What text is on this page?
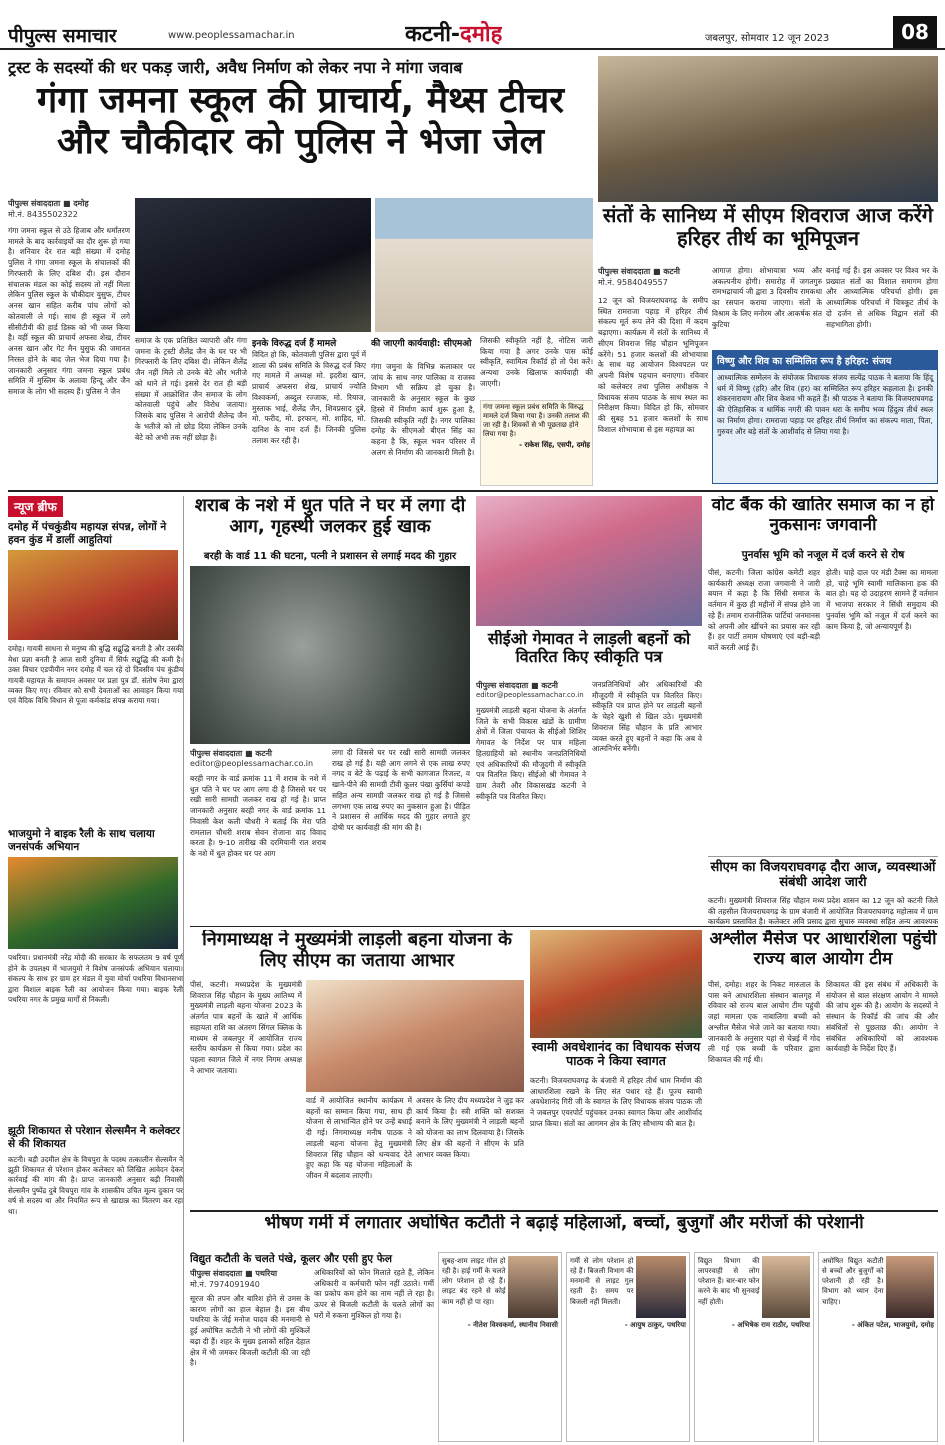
पीपुल्स समाचार	www.peoplessamachar.in	कटनी-दमोह	जबलपुर, सोमवार 12 जून 2023	08
ट्रस्ट के सदस्यों की धर पकड़ जारी, अवैध निर्माण को लेकर नपा ने मांगा जवाब
गंगा जमना स्कूल की प्राचार्य, मैथ्स टीचर और चौकीदार को पुलिस ने भेजा जेल
पीपुल्स संवाददाता ■ दमोह
मो.नं. 8435502322
गंगा जमना स्कूल से उठे हिजाब और धर्मांतरण मामले के बाद कार्रवाइयों का दौर शुरू हो गया है। शनिवार देर रात बड़ी संख्या में दमोह पुलिस ने गंगा जमना स्कूल के संचालकों की गिरफ्तारी के लिए दबिश दी। इस दौरान संचालक मंडल का कोई सदस्य तो नहीं मिला लेकिन पुलिस स्कूल के चौकीदार युसुफ, टीचर अनस खान सहित करीब पांच लोगों को कोतवाली ले गई। साथ ही स्कूल में लगे सीसीटीवी की हार्ड डिस्क को भी जब्त किया है। वहीं स्कूल की प्राचार्य अफसा शेख, टीचर अनस खान और गेट मैन युसुफ की जमानत निरस्त होने के बाद जेल भेज दिया गया है। जानकारी अनुसार गंगा जमना स्कूल प्रबंध समिति में मुस्लिम के अलावा हिन्दू और जैन समाज के लोग भी सदस्य हैं। पुलिस ने जैन
समाज के एक प्रतिष्ठित व्यापारी और गंगा जमना के ट्रस्टी शैलेंद्र जैन के घर पर भी गिरफ्तारी के लिए दबिश दी। लेकिन शैलेंद्र जैन नहीं मिले तो उनके बेटे और भतीजे को थाने ले गई। इससे देर रात ही बड़ी संख्या में आक्रोशित जैन समाज के लोग कोतवाली पहुंचे और विरोध जताया। जिसके बाद पुलिस ने आरोपी शैलेन्द्र जैन के भतीजे को तो छोड़ दिया लेकिन उनके बेटे को अभी तक नहीं छोड़ा है।
इनके विरुद्ध दर्ज हैं मामले
विदित हो कि, कोतवाली पुलिस द्वारा पूर्व में शाला की प्रबंध समिति के विरुद्ध दर्ज किए गए मामले में अध्यक्ष मो. इदरीश खान, प्राचार्य अफसरा शेख, प्राचार्य ज्योति विश्वकर्मा, अब्दुल रज्जाक, मो. रियाज, मुस्ताक भाई, शैलेंद्र जैन, शिवप्रसाद दुबे, मो. फरीद, मो. इरफान, मो. शाहिद, मो. दानिश के नाम दर्ज हैं। जिनकी पुलिस तलाश कर रही है।
की जाएगी कार्यवाही: सीएमओ
गंगा जमुना के विभिन्न कलाकार पर जांच के साथ नगर पालिका व राजस्व विभाग भी सक्रिय हो चुका है। जानकारी के अनुसार स्कूल के कुछ हिस्से में निर्माण कार्य शुरू हुआ है, जिसकी स्वीकृति नहीं है। नगर पालिका दमोह के सीएमओ बीएल सिंह का कहना है कि, स्कूल भवन परिसर में अलग से निर्माण की जानकारी मिली है।
जिसकी स्वीकृति नहीं है, नोटिस जारी किया गया है अगर उनके पास कोई स्वीकृति, स्वामित्व रिकॉर्ड हो तो पेश करें। अन्यथा उनके खिलाफ कार्यवाही की जाएगी।
गंगा जमना स्कूल प्रबंध समिति के विरुद्ध मामले दर्ज किया गया है। उनकी तलाश की जा रही है। शिवकों से भी पूछताछ होने लिया गया है।
- राकेश सिंह, एसपी, दमोह
संतों के सानिध्य में सीएम शिवराज आज करेंगे हरिहर तीर्थ का भूमिपूजन
पीपुल्स संवाददाता ■ कटनी
मो.नं. 9584049557
12 जून को विजयराघवगढ़ के समीप स्थित रामराजा पहाड़ में हरिहर तीर्थ संकल्प मूर्त रूप लेने की दिशा में कदम बढ़ाएगा। कार्यक्रम में संतों के सानिध्य में सीएम शिवराज सिंह चौहान भूमिपूजन करेंगे। 51 हजार कलशों की शोभायात्रा के साथ यह आयोजन विश्वपटल पर अपनी विशेष पहचान बनाएगा। रविवार को कलेक्टर तथा पुलिस अधीक्षक ने विधायक संजय पाठक के साथ स्थल का निरीक्षण किया। विदित हो कि, सोमवार की सुबह 51 हजार कलशों के साथ विशाल शोभायात्रा से इस महायज्ञ का
आगाज होगा। शोभायात्रा भव्य और अकल्पनीय होगी। समारोह में जगतगुरु रामभद्राचार्य जी द्वारा 3 दिवसीय रामकथा का रसपान कराया जाएगा। संतों के विश्राम के लिए मनोरम और आकर्षक संत कुटिया
बनाई गई हैं। इस अवसर पर विश्व भर के प्रख्यात संतों का विशाल समागम होगा और आध्यात्मिक परिचर्चा होगी। इस आध्यात्मिक परिचर्चा में चित्रकूट तीर्थ के दो दर्जन से अधिक विद्वान संतों की सहभागिता होगी।
विष्णु और शिव का सम्मिलित रूप है हरिहर: संजय
आध्यात्मिक सम्मेलन के संयोजक विधायक संजय सत्येंद्र पाठक ने बताया कि हिंदू धर्म में विष्णु (हरि) और शिव (हर) का सम्मिलित रूप हरिहर कहलाता है। इनकी शंकरनारायण और शिव केशव भी कहते हैं। श्री पाठक ने बताया कि विजयराघवगढ़ की ऐतिहासिक व धार्मिक नगरी की पावन धरा के समीप भव्य हिंदुत्व तीर्थ स्थल का निर्माण होगा। रामराजा पहाड़ पर हरिहर तीर्थ निर्माण का संकल्प माता, पिता, गुरुवर और बड़े संतों के आशीर्वाद से लिया गया है।
न्यूज ब्रीफ
दमोह में पंचकुंडीय महायज्ञ संपन्न, लोगों ने हवन कुंड में डालीं आहुतियां
दमोह। गायत्री साधना से मनुष्य की बुद्धि सद्बुद्धि बनती है और उसकी मेधा प्रज्ञा बनती है आज सारी दुनिया में सिर्फ सद्बुद्धि की कमी है। उक्त विचार एडपीयीन नगर दमोह में चल रहे दो दिवसीय पंच कुंडीय गायत्री महायज्ञ के समापन अवसर पर प्रज्ञा पुत्र डॉ. संतोष नेमा द्वारा व्यक्त किए गए। रविवार को सभी देवताओं का आवाहन किया गया एवं वैदिक विधि विधान से पूजा कर्मकांड संपन्न कराया गया।
भाजयुमो ने बाइक रैली के साथ चलाया जनसंपर्क अभियान
पथरिया। प्रधानमंत्री नरेंद्र मोदी की सरकार के सफलतम 9 वर्ष पूर्ण होने के उपलक्ष्य में भाजयुमो ने विशेष जनसंपर्क अभियान चलाया। संकल्प के साथ हर ग्राम हर मंडल में युवा मोर्चा पथरिया विधानसभा द्वारा विशाल बाइक रैली का आयोजन किया गया। बाइक रैली पथरिया नगर के प्रमुख मार्गों से निकली।
झूठी शिकायत से परेशान सेल्समैन ने कलेक्टर से की शिकायत
कटनी। बड़ी उदमील क्षेत्र के विचपुरा के पदस्थ तत्कालीन सेल्समैन ने झूठी शिकायत से परेशान होकर कलेक्टर को लिखित आवेदन देकर कार्रवाई की मांग की है। प्राप्त जानकारी अनुसार बढ़ी निवासी सेल्समैन पुष्पेंद्र दुबे विचपुरा गांव के शासकीय उचित मूल्य दुकान पर वर्ष से सदस्य था और नियमित रूप से खाद्यान्न का वितरण कर रहा था।
शराब के नशे में धुत पति ने घर में लगा दी आग, गृहस्थी जलकर हुई खाक
बरही के वार्ड 11 की घटना, पत्नी ने प्रशासन से लगाई मदद की गुहार
पीपुल्स संवाददाता ■ कटनी
editor@peoplessamachar.co.in
बरही नगर के वार्ड क्रमांक 11 में शराब के नशे में धुत पति ने घर पर आग लगा दी है जिससे घर पर रखी सारी सामग्री जलकर राख हो गई है। प्राप्त जानकारी अनुसार बरही नगर के वार्ड क्रमांक 11 निवासी केश कली चौधरी ने बताई कि मेरा पति रामलाल चौधरी शराब सेवन रोजाना वाद विवाद करता है। 9-10 तारीख की दरमियानी रात शराब के नशे में धुत होकर घर पर आग
लगा दी जिससे घर पर रखी सारी सामग्री जलकर राख हो गई है। यही आग लगने से एक लाख रुपए नगद व बेटे के पढ़ाई के सभी कागजात रिजल्ट, व खाने-पीने की सामग्री टीवी कूलर पंखा कुर्सियां कपड़े सहित अन्य सामग्री जलकर राख हो गई है जिससे लगभग एक लाख रुपए का नुकसान हुआ है। पीड़ित ने प्रशासन से आर्थिक मदद की गुहार लगाते हुए दोषी पर कार्यवाही की मांग की है।
सीईओ गेमावत ने लाड़ली बहनों को वितरित किए स्वीकृति पत्र
पीपुल्स संवाददाता ■ कटनी
editor@peoplessamachar.co.in
मुख्यमंत्री लाड़ली बहना योजना के अंतर्गत जिले के सभी विकास खंडों के ग्रामीण क्षेत्रों में जिला पंचायत के सीईओ शिशिर गेमावत के निर्देश पर पात्र महिला हितग्राहियों को स्थानीय जनप्रतिनिधियों एवं अधिकारियों की मौजूदगी में स्वीकृति पत्र वितरित किए। सीईओ श्री गेमावत ने ग्राम तेवरी और विकासखंड कटनी ने स्वीकृति पत्र वितरित किए।
जनप्रतिनिधियों और अधिकारियों की मौजूदगी में स्वीकृति पत्र वितरित किए। स्वीकृति पत्र प्राप्त होने पर लाड़ली बहनों के चेहरे खुशी से खिल उठे। मुख्यमंत्री शिवराज सिंह चौहान के प्रति आभार व्यक्त करते हुए बहनों ने कहा कि अब वे आत्मनिर्भर बनेंगी।
वोट बैंक की खातिर समाज का न हो नुकसानः जगवानी
पुनर्वास भूमि को नजूल में दर्ज करने से रोष
पीसं, कटनी। जिला कांग्रेस कमेटी शहर कार्यकारी अध्यक्ष राजा जगवानी ने जारी बयान में कहा है कि सिंधी समाज के वर्तमान में कुछ ही महीनों में संपन्न होने जा रहे हैं। तमाम राजनीतिक पार्टियां जनमानस को अपनी ओर खींचने का प्रयास कर रही हैं। हर पार्टी तमाम घोषणाएं एवं बड़ी-बड़ी बातें करती आई हैं।
होती। चाहे दाल पर मंडी टैक्स का मामला हो, चाहे भूमि स्वामी मालिकाना हक की बात हो। यह दो उदाहरण सामने हैं वर्तमान में भाजपा सरकार ने सिंधी समुदाय की पुनर्वास भूमि को नजूल में दर्ज करने का काम किया है, जो अन्यायपूर्ण है।
सीएम का विजयराघवगढ़ दौरा आज, व्यवस्थाओं संबंधी आदेश जारी
कटनी। मुख्यमंत्री शिवराज सिंह चौहान मध्य प्रदेश शासन का 12 जून को कटनी जिले की तहसील विजयराघवगढ़ के ग्राम बंजारी में आयोजित विजयराघवगढ़ महोत्सव में ग्राम कार्यक्रम प्रस्तावित है। कलेक्टर अवि प्रसाद द्वारा सुचारु व्यवस्था सहित अन्य आवश्यक
निगमाध्यक्ष ने मुख्यमंत्री लाड़ली बहना योजना के लिए सीएम का जताया आभार
पीसं, कटनी। मध्यप्रदेश के मुख्यमंत्री शिवराज सिंह चौहान के मुख्य आतिथ्य में मुख्यमंत्री लाड़ली बहना योजना 2023 के अंतर्गत पात्र बहनों के खाते में आर्थिक सहायता राशि का अंतरण सिंगल क्लिक के माध्यम से जबलपुर में आयोजित राज्य स्तरीय कार्यक्रम से किया गया। प्रदेश का पहला स्वागत जिले में नगर निगम अध्यक्ष ने आभार जताया।
वार्ड में आयोजित स्थानीय कार्यक्रम में बहनों का सम्मान किया गया, साथ ही योजना से लाभान्वित होने पर उन्हें बधाई दी गई। निगमाध्यक्ष मनीष पाठक ने लाड़ली बहना योजना हेतु मुख्यमंत्री शिवराज सिंह चौहान को धन्यवाद देते हुए कहा कि यह योजना महिलाओं के जीवन में बदलाव लाएगी।
अवसर के लिए दीप मध्यप्रदेश ने जुड़ कर कार्य किया है। स्त्री शक्ति को सशक्त बनाने के लिए मुख्यमंत्री ने लाड़ली बहनों को योजना का लाभ दिलवाया है। जिसके लिए क्षेत्र की बहनों ने सीएम के प्रति आभार व्यक्त किया।
स्वामी अवधेशानंद का विधायक संजय पाठक ने किया स्वागत
कटनी। विजयराघवगढ़ के बंजारी में हरिहर तीर्थ धाम निर्माण की आधारशिला रखने के लिए संत पधार रहे हैं। पूज्य स्वामी अवधेशानंद गिरी जी के स्वागत के लिए विधायक संजय पाठक जी ने जबलपुर एयरपोर्ट पहुंचकर उनका स्वागत किया और आशीर्वाद प्राप्त किया। संतों का आगमन क्षेत्र के लिए सौभाग्य की बात है।
अश्लील मैसेज पर आधारशिला पहुंची राज्य बाल आयोग टीम
पीसं, दमोह। शहर के निकट मारुताल के पास बने आधारशिला संस्थान बालगृह में रविवार को राज्य बाल आयोग टीम पहुंची जहां मामला एक नाबालिगा बच्ची को अश्लील मैसेज भेजे जाने का बताया गया। जानकारी के अनुसार यहां से चेन्नई में गोद ली गई एक बच्ची के परिवार द्वारा शिकायत की गई थी।
शिकायत की इस संबंध में अधिकारी के संयोजन से बाल संरक्षण आयोग ने मामले की जांच शुरू की है। आयोग के सदस्यों ने संस्थान के रिकॉर्ड की जांच की और संबंधितों से पूछताछ की। आयोग ने संबंधित अधिकारियों को आवश्यक कार्यवाही के निर्देश दिए हैं।
भीषण गर्मी में लगातार अघोषित कटौती ने बढ़ाई महिलाओं, बच्चों, बुजुर्गों और मरीजों की परेशानी
विद्युत कटौती के चलते पंखे, कूलर और एसी हुए फेल
पीपुल्स संवाददाता ■ पथरिया
मो.नं. 7974091940
सूरज की तपन और बारिश होने से उमस के कारण लोगों का हाल बेहाल है। इस बीच पथरिया के जेई मनोज यादव की मनमानी से हुई अघोषित कटौती ने भी लोगों की मुश्किलें बढ़ा दी हैं। शहर के मुख्य इलाकों सहित देहात क्षेत्र में भी जमकर बिजली कटौती की जा रही है।
अधिकारियों को फोन मिलाते रहते हैं, लेकिन अधिकारी व कर्मचारी फोन नहीं उठाते। गर्मी का प्रकोप कम होने का नाम नहीं ले रहा है। ऊपर से बिजली कटौती के चलते लोगों का घरों में रुकना मुश्किल हो गया है।
सुबह-शाम लाइट गोल हो रही है। हाई गर्मी के चलते लोग परेशान हो रहे हैं। लाइट बंद रहने से कोई काम नहीं हो पा रहा।
- नीतेश विश्वकर्मा, स्थानीय निवासी
गर्मी से लोग परेशान हो रहे हैं। बिजली विभाग की मनमानी से लाइट गुल रहती है। समय पर बिजली नहीं मिलती।
- आयुष ठाकुर, पथरिया
विद्युत विभाग की लापरवाही से लोग परेशान हैं। बार-बार फोन करने के बाद भी सुनवाई नहीं होती।
- अभिषेक राम राठौर, पथरिया
अघोषित विद्युत कटौती से बच्चों और बुजुर्गों को परेशानी हो रही है। विभाग को ध्यान देना चाहिए।
- अंकित पटेल, भाजयुमो, दमोह
